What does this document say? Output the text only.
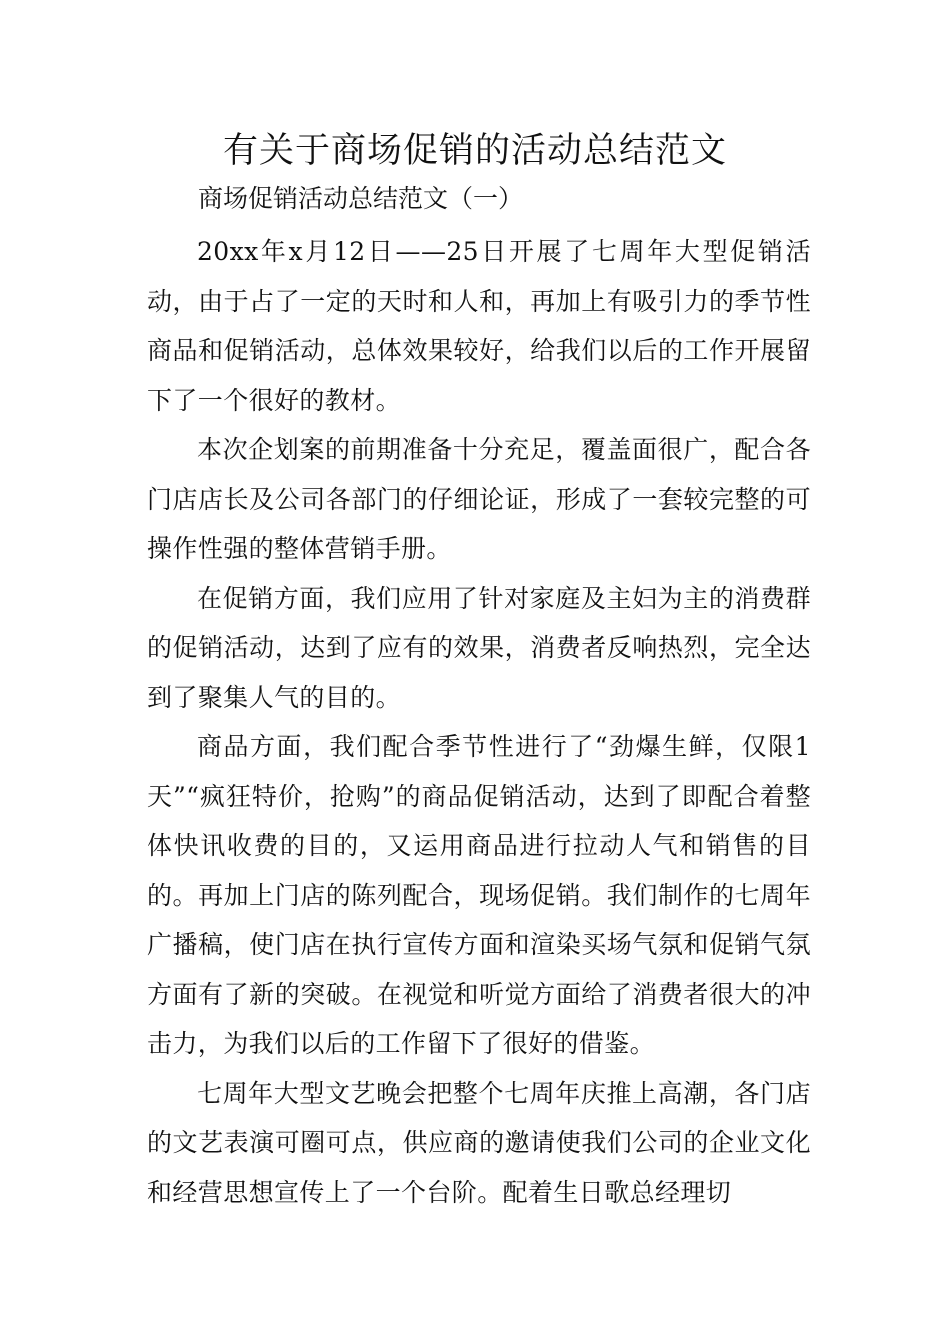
有关于商场促销的活动总结范文

商场促销活动总结范文（一）

20xx年x月12日——25日开展了七周年大型促销活动，由于占了一定的天时和人和，再加上有吸引力的季节性商品和促销活动，总体效果较好，给我们以后的工作开展留下了一个很好的教材。

本次企划案的前期准备十分充足，覆盖面很广，配合各门店店长及公司各部门的仔细论证，形成了一套较完整的可操作性强的整体营销手册。

在促销方面，我们应用了针对家庭及主妇为主的消费群的促销活动，达到了应有的效果，消费者反响热烈，完全达到了聚集人气的目的。

商品方面，我们配合季节性进行了“劲爆生鲜，仅限1天”“疯狂特价，抢购”的商品促销活动，达到了即配合着整体快讯收费的目的，又运用商品进行拉动人气和销售的目的。再加上门店的陈列配合，现场促销。我们制作的七周年广播稿，使门店在执行宣传方面和渲染买场气氛和促销气氛方面有了新的突破。在视觉和听觉方面给了消费者很大的冲击力，为我们以后的工作留下了很好的借鉴。

七周年大型文艺晚会把整个七周年庆推上高潮，各门店的文艺表演可圈可点，供应商的邀请使我们公司的企业文化和经营思想宣传上了一个台阶。配着生日歌总经理切
